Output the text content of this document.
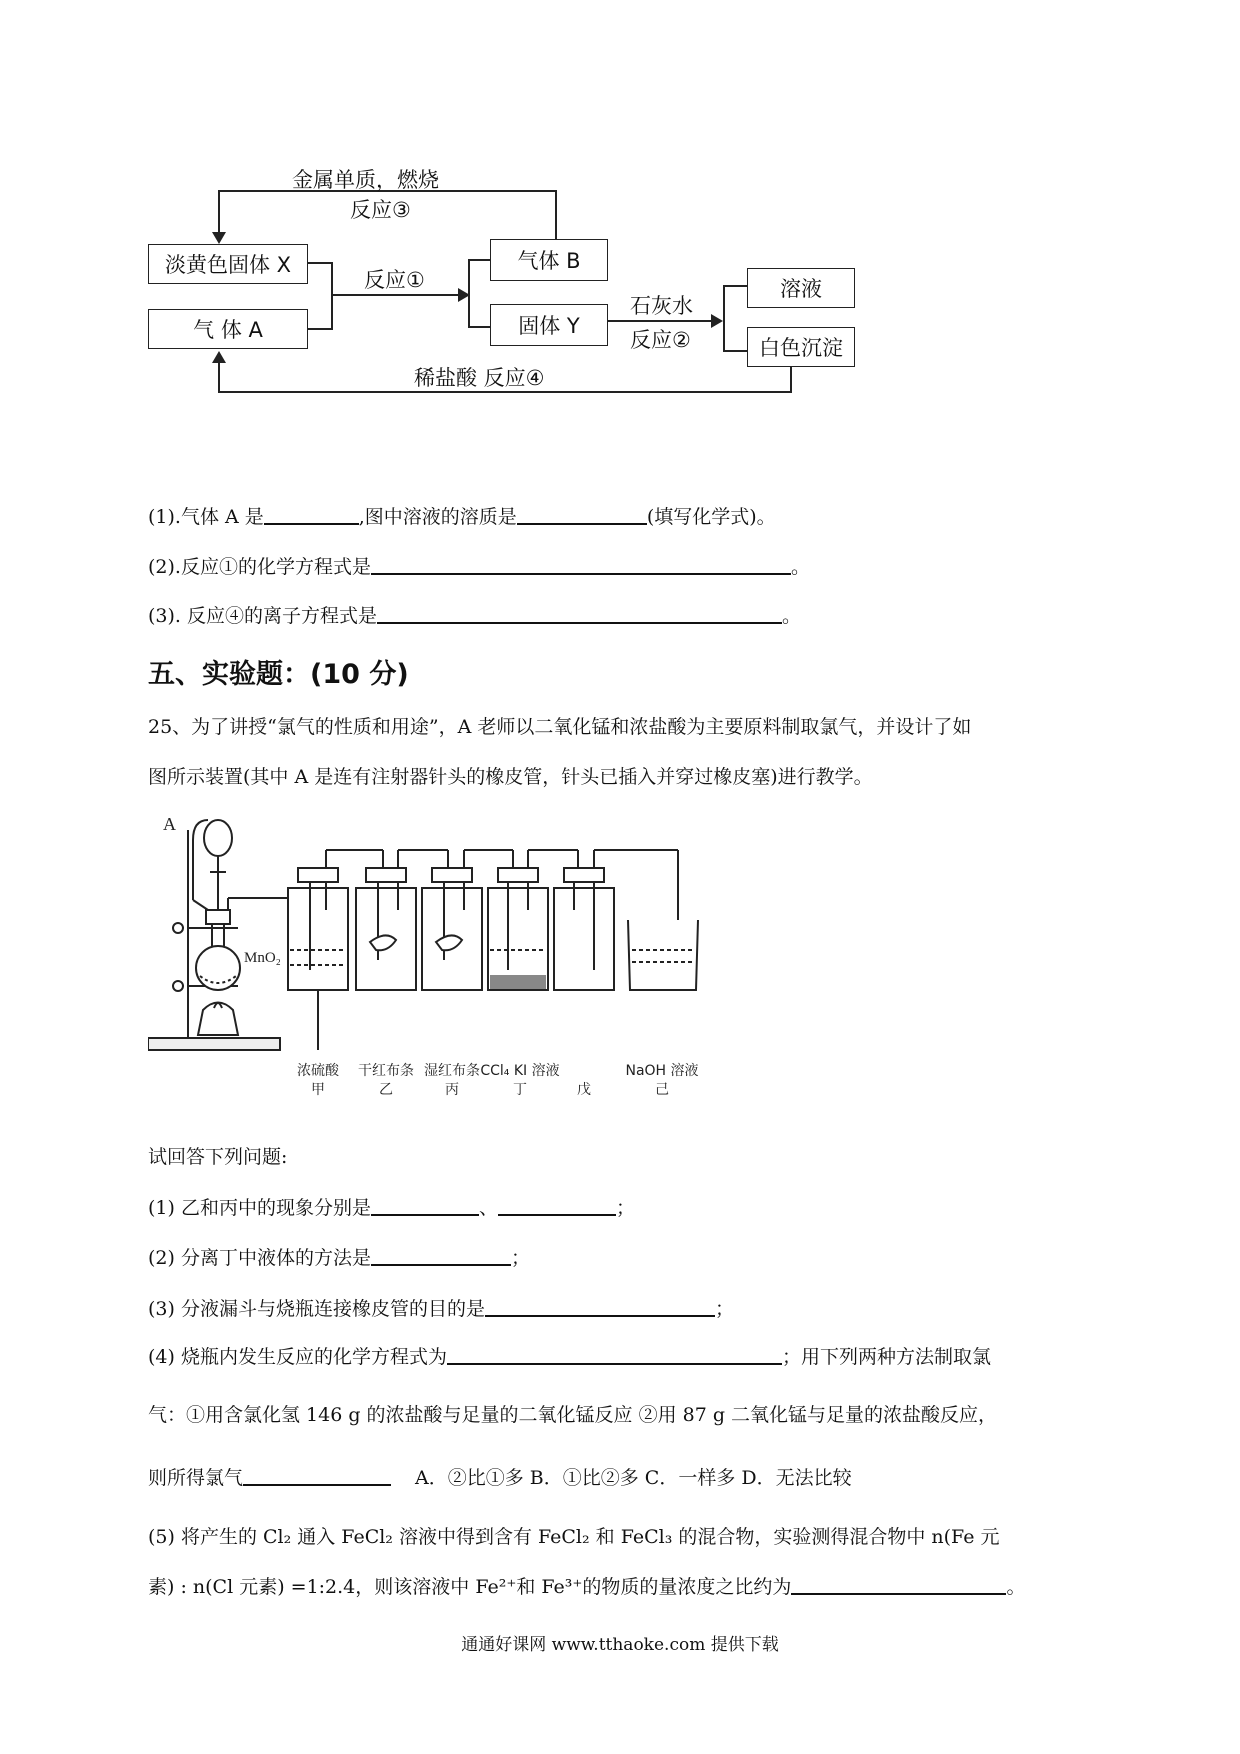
金属单质，燃烧
反应③
淡黄色固体 X
气 体 A
反应①
气体 B
固体 Y
石灰水
反应②
溶液
白色沉淀
稀盐酸 反应④
(1).气体 A 是	,图中溶液的溶质是	(填写化学式)。
(2).反应①的化学方程式是	。
(3). 反应④的离子方程式是	。
五、实验题：(10 分)
25、为了讲授“氯气的性质和用途”，A 老师以二氧化锰和浓盐酸为主要原料制取氯气，并设计了如
图所示装置(其中 A 是连有注射器针头的橡皮管，针头已插入并穿过橡皮塞)进行教学。
A
MnO₂
浓硫酸
甲
干红布条
乙
湿红布条
丙
CCl₄ KI 溶液
丁	戊
NaOH 溶液
己
试回答下列问题:
(1) 乙和丙中的现象分别是	、	；
(2) 分离丁中液体的方法是	；
(3) 分液漏斗与烧瓶连接橡皮管的目的是	；
(4) 烧瓶内发生反应的化学方程式为	；用下列两种方法制取氯
气：①用含氯化氢 146 g 的浓盐酸与足量的二氧化锰反应 ②用 87 g 二氧化锰与足量的浓盐酸反应，
则所得氯气	A．②比①多 B．①比②多 C．一样多 D．无法比较
(5) 将产生的 Cl₂ 通入 FeCl₂ 溶液中得到含有 FeCl₂ 和 FeCl₃ 的混合物，实验测得混合物中 n(Fe 元
素) : n(Cl 元素) =1:2.4，则该溶液中 Fe²⁺和 Fe³⁺的物质的量浓度之比约为	。
通通好课网 www.tthaoke.com 提供下载
